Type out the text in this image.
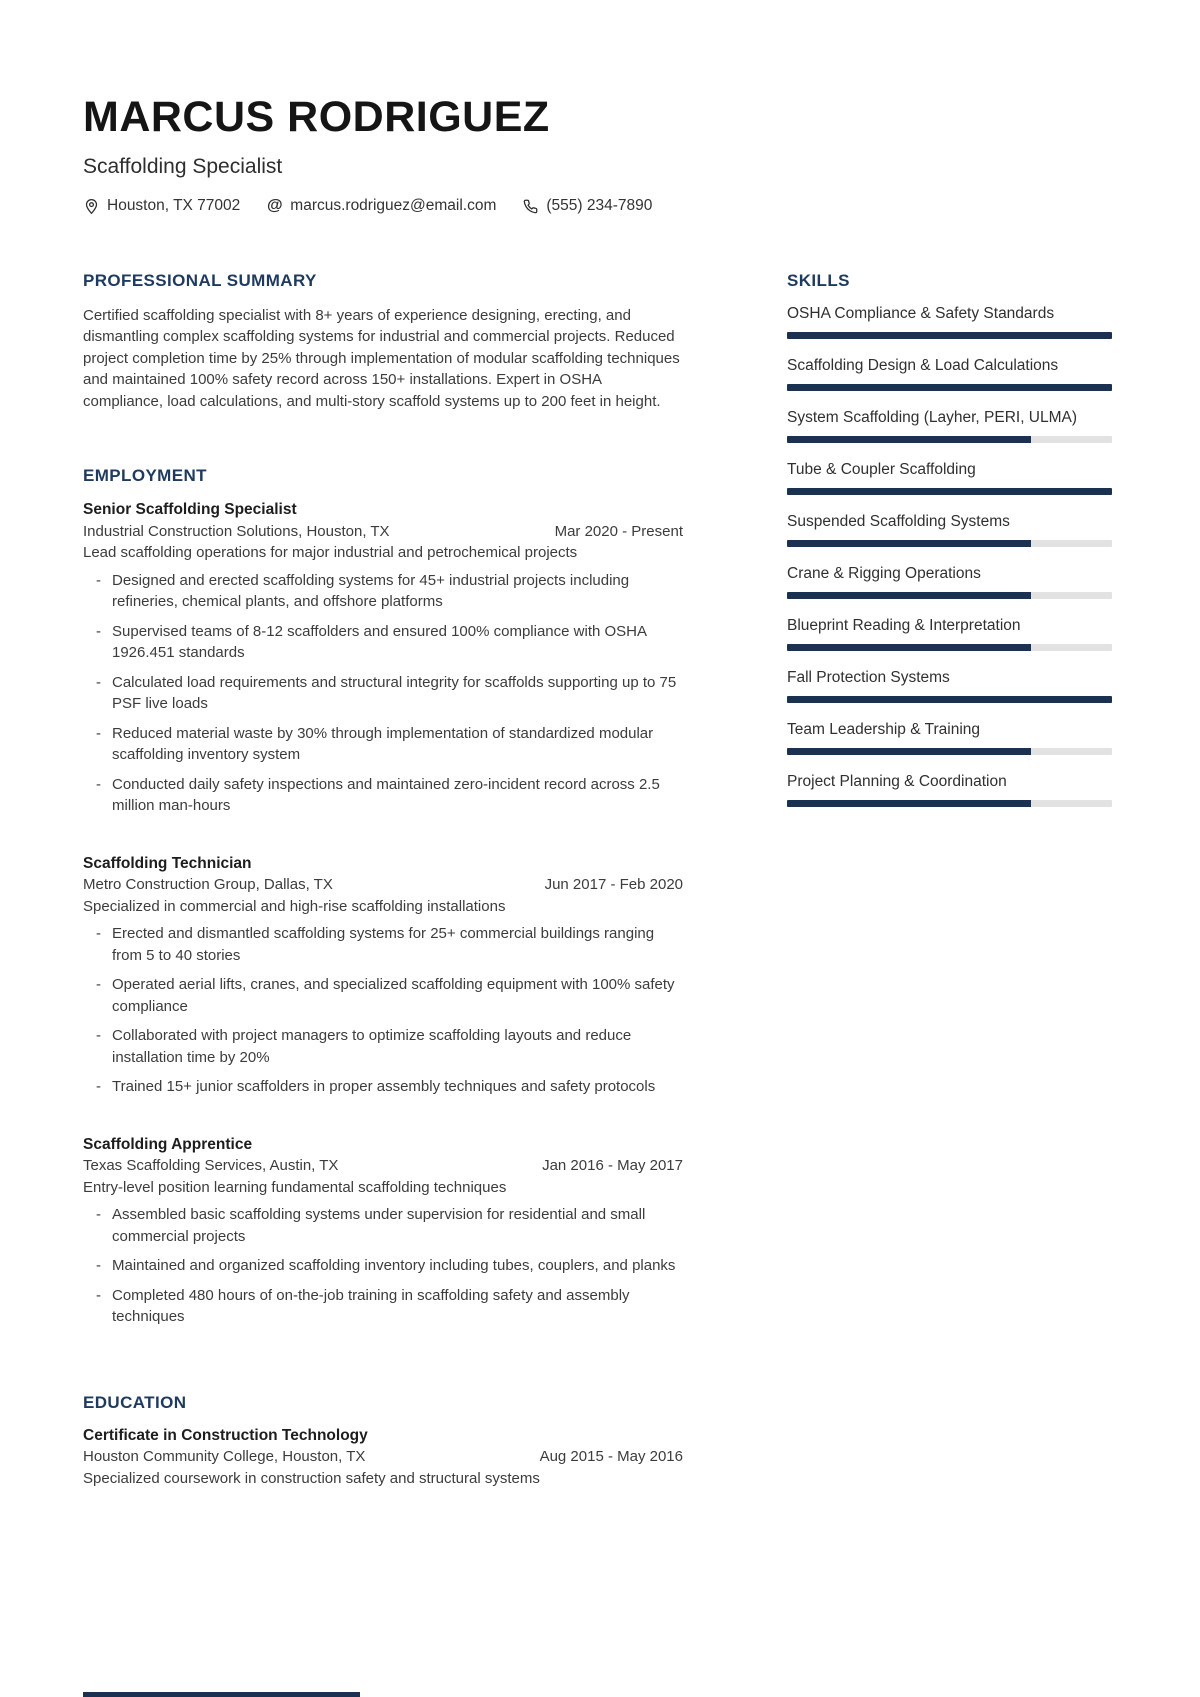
MARCUS RODRIGUEZ
Scaffolding Specialist
Houston, TX 77002 @ marcus.rodriguez@email.com	(555) 234-7890
PROFESSIONAL SUMMARY

Certified scaffolding specialist with 8+ years of experience designing, erecting, and dismantling complex scaffolding systems for industrial and commercial projects. Reduced project completion time by 25% through implementation of modular scaffolding techniques and maintained 100% safety record across 150+ installations. Expert in OSHA compliance, load calculations, and multi-story scaffold systems up to 200 feet in height.

EMPLOYMENT
Senior Scaffolding Specialist
Industrial Construction Solutions, Houston, TX	Mar 2020 - Present
Lead scaffolding operations for major industrial and petrochemical projects
- Designed and erected scaffolding systems for 45+ industrial projects including refineries, chemical plants, and offshore platforms
- Supervised teams of 8-12 scaffolders and ensured 100% compliance with OSHA 1926.451 standards
- Calculated load requirements and structural integrity for scaffolds supporting up to 75 PSF live loads
- Reduced material waste by 30% through implementation of standardized modular scaffolding inventory system
- Conducted daily safety inspections and maintained zero-incident record across 2.5 million man-hours
Scaffolding Technician
Metro Construction Group, Dallas, TX	Jun 2017 - Feb 2020
Specialized in commercial and high-rise scaffolding installations
- Erected and dismantled scaffolding systems for 25+ commercial buildings ranging from 5 to 40 stories
- Operated aerial lifts, cranes, and specialized scaffolding equipment with 100% safety compliance
- Collaborated with project managers to optimize scaffolding layouts and reduce installation time by 20%
- Trained 15+ junior scaffolders in proper assembly techniques and safety protocols
Scaffolding Apprentice
Texas Scaffolding Services, Austin, TX	Jan 2016 - May 2017
Entry-level position learning fundamental scaffolding techniques
- Assembled basic scaffolding systems under supervision for residential and small commercial projects
- Maintained and organized scaffolding inventory including tubes, couplers, and planks
- Completed 480 hours of on-the-job training in scaffolding safety and assembly techniques
EDUCATION
Certificate in Construction Technology
Houston Community College, Houston, TX	Aug 2015 - May 2016
Specialized coursework in construction safety and structural systems
SKILLS
OSHA Compliance & Safety Standards
Scaffolding Design & Load Calculations
System Scaffolding (Layher, PERI, ULMA)
Tube & Coupler Scaffolding
Suspended Scaffolding Systems
Crane & Rigging Operations
Blueprint Reading & Interpretation
Fall Protection Systems
Team Leadership & Training
Project Planning & Coordination
